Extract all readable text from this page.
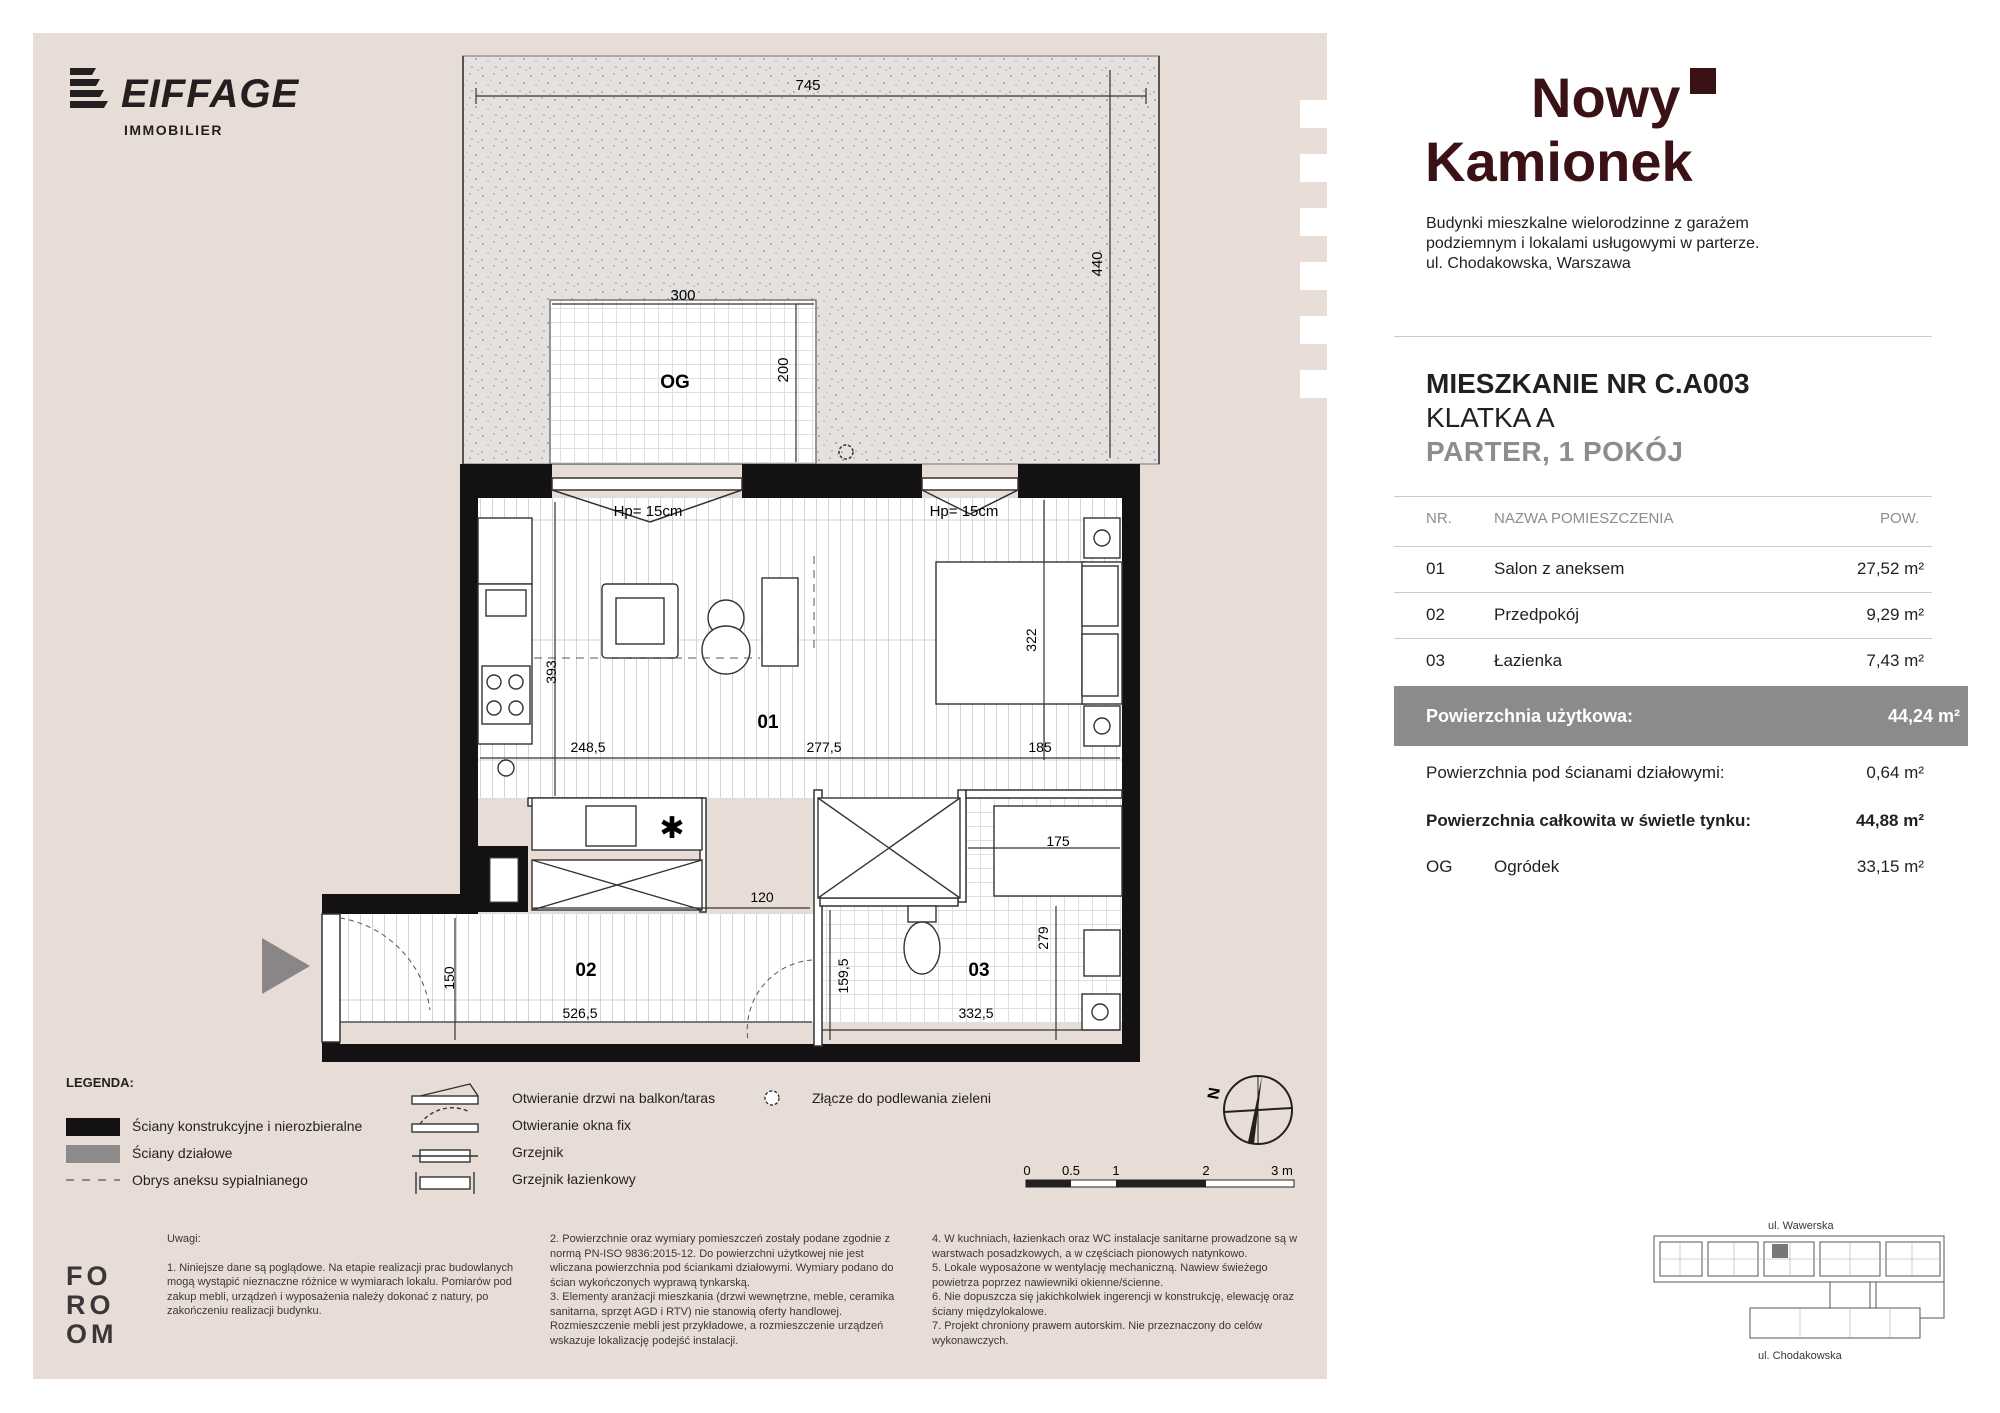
EIFFAGE
IMMOBILIER
745
440
300
200
OG
✱
Hp= 15cm	Hp= 15cm
393
322
248,5	277,5	185
175
120
279
150	159,5
526,5	332,5
01
02	03
N
0 0.5 1	2	3 m
LEGENDA:
Ściany konstrukcyjne i nierozbieralne
Ściany działowe
Obrys aneksu sypialnianego
Otwieranie drzwi na balkon/taras
Otwieranie okna fix
Grzejnik
Grzejnik łazienkowy
Złącze do podlewania zieleni
Uwagi:
1. Niniejsze dane są poglądowe. Na etapie realizacji prac budowlanych mogą wystąpić nieznaczne różnice w wymiarach lokalu. Pomiarów pod zakup mebli, urządzeń i wyposażenia należy dokonać z natury, po zakończeniu realizacji budynku.
2. Powierzchnie oraz wymiary pomieszczeń zostały podane zgodnie z normą PN-ISO 9836:2015-12. Do powierzchni użytkowej nie jest wliczana powierzchnia pod ściankami działowymi. Wymiary podano do ścian wykończonych wyprawą tynkarską.
3. Elementy aranżacji mieszkania (drzwi wewnętrzne, meble, ceramika sanitarna, sprzęt AGD i RTV) nie stanowią oferty handlowej. Rozmieszczenie mebli jest przykładowe, a rozmieszczenie urządzeń wskazuje lokalizację podejść instalacji.
4. W kuchniach, łazienkach oraz WC instalacje sanitarne prowadzone są w warstwach posadzkowych, a w częściach pionowych natynkowo.
5. Lokale wyposażone w wentylację mechaniczną. Nawiew świeżego powietrza poprzez nawiewniki okienne/ścienne.
6. Nie dopuszcza się jakichkolwiek ingerencji w konstrukcję, elewację oraz ściany międzylokalowe.
7. Projekt chroniony prawem autorskim. Nie przeznaczony do celów wykonawczych.
FO
RO
OM
Nowy
Kamionek
Budynki mieszkalne wielorodzinne z garażem
podziemnym i lokalami usługowymi w parterze.
ul. Chodakowska, Warszawa
MIESZKANIE NR C.A003
KLATKA A
PARTER, 1 POKÓJ
NR.	NAZWA POMIESZCZENIA	POW.
01	Salon z aneksem	27,52 m²
02	Przedpokój	9,29 m²
03	Łazienka	7,43 m²
Powierzchnia użytkowa:	44,24 m²
Powierzchnia pod ścianami działowymi:	0,64 m²
Powierzchnia całkowita w świetle tynku:	44,88 m²
OG Ogródek	33,15 m²
ul. Wawerska
ul. Chodakowska
